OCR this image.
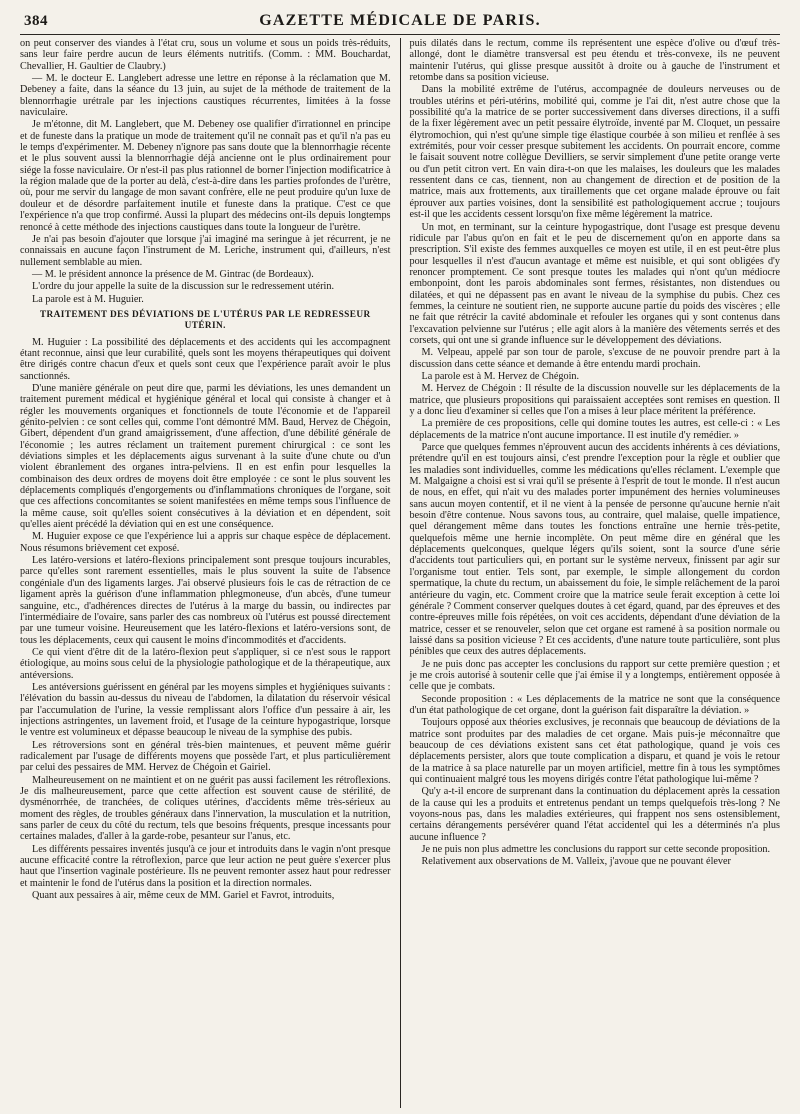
384	GAZETTE MÉDICALE DE PARIS.

on peut conserver des viandes à l'état cru, sous un volume et sous un poids très-réduits, sans leur faire perdre aucun de leurs éléments nutritifs. (Comm. : MM. Bouchardat, Chevallier, H. Gaultier de Claubry.)

— M. le docteur E. Langlebert adresse une lettre en réponse à la réclamation que M. Debeney a faite, dans la séance du 13 juin, au sujet de la méthode de traitement de la blennorrhagie urétrale par les injections caustiques récurrentes, limitées à la fosse naviculaire.

Je m'étonne, dit M. Langlebert, que M. Debeney ose qualifier d'irrationnel en principe et de funeste dans la pratique un mode de traitement qu'il ne connaît pas et qu'il n'a pas eu le temps d'expérimenter. M. Debeney n'ignore pas sans doute que la blennorrhagie récente et le plus souvent aussi la blennorrhagie déjà ancienne ont le plus ordinairement pour siége la fosse naviculaire. Or n'est-il pas plus rationnel de borner l'injection modificatrice à la région malade que de la porter au delà, c'est-à-dire dans les parties profondes de l'urètre, où, pour me servir du langage de mon savant confrère, elle ne peut produire qu'un luxe de douleur et de désordre parfaitement inutile et funeste dans la pratique. C'est ce que l'expérience n'a que trop confirmé. Aussi la plupart des médecins ont-ils depuis longtemps renoncé à cette méthode des injections caustiques dans toute la longueur de l'urètre.

Je n'ai pas besoin d'ajouter que lorsque j'ai imaginé ma seringue à jet récurrent, je ne connaissais en aucune façon l'instrument de M. Leriche, instrument qui, d'ailleurs, n'est nullement semblable au mien.

— M. le président annonce la présence de M. Gintrac (de Bordeaux).

L'ordre du jour appelle la suite de la discussion sur le redressement utérin.

La parole est à M. Huguier.

TRAITEMENT DES DÉVIATIONS DE L'UTÉRUS PAR LE REDRESSEUR UTÉRIN.

M. Huguier : La possibilité des déplacements et des accidents qui les accompagnent étant reconnue, ainsi que leur curabilité, quels sont les moyens thérapeutiques qui doivent être dirigés contre chacun d'eux et quels sont ceux que l'expérience paraît avoir le plus sanctionnés.

D'une manière générale on peut dire que, parmi les déviations, les unes demandent un traitement purement médical et hygiénique général et local qui consiste à changer et à régler les mouvements organiques et fonctionnels de toute l'économie et de l'appareil génito-pelvien : ce sont celles qui, comme l'ont démontré MM. Baud, Hervez de Chégoin, Gibert, dépendent d'un grand amaigrissement, d'une affection, d'une débilité générale de l'économie ; les autres réclament un traitement purement chirurgical : ce sont les déviations simples et les déplacements aigus survenant à la suite d'une chute ou d'un violent ébranlement des organes intra-pelviens. Il en est enfin pour lesquelles la combinaison des deux ordres de moyens doit être employée : ce sont le plus souvent les déplacements compliqués d'engorgements ou d'inflammations chroniques de l'organe, soit que ces affections concomitantes se soient manifestées en même temps sous l'influence de la même cause, soit qu'elles soient consécutives à la déviation et en dépendent, soit qu'elles aient précédé la déviation qui en est une conséquence.

M. Huguier expose ce que l'expérience lui a appris sur chaque espèce de déplacement. Nous résumons brièvement cet exposé.

Les latéro-versions et latéro-flexions principalement sont presque toujours incurables, parce qu'elles sont rarement essentielles, mais le plus souvent la suite de l'absence congéniale d'un des ligaments larges. J'ai observé plusieurs fois le cas de rétraction de ce ligament après la guérison d'une inflammation phlegmoneuse, d'un abcès, d'une tumeur sanguine, etc., d'adhérences directes de l'utérus à la marge du bassin, ou indirectes par l'intermédiaire de l'ovaire, sans parler des cas nombreux où l'utérus est poussé directement par une tumeur voisine. Heureusement que les latéro-flexions et latéro-versions sont, de tous les déplacements, ceux qui causent le moins d'incommodités et d'accidents.

Ce qui vient d'être dit de la latéro-flexion peut s'appliquer, si ce n'est sous le rapport étiologique, au moins sous celui de la physiologie pathologique et de la thérapeutique, aux antéversions.

Les antéversions guérissent en général par les moyens simples et hygiéniques suivants : l'élévation du bassin au-dessus du niveau de l'abdomen, la dilatation du réservoir vésical par l'accumulation de l'urine, la vessie remplissant alors l'office d'un pessaire à air, les injections astringentes, un lavement froid, et l'usage de la ceinture hypogastrique, lorsque le ventre est volumineux et dépasse beaucoup le niveau de la symphise des pubis.

Les rétroversions sont en général très-bien maintenues, et peuvent même guérir radicalement par l'usage de différents moyens que possède l'art, et plus particulièrement par celui des pessaires de MM. Hervez de Chégoin et Gairiel.

Malheureusement on ne maintient et on ne guérit pas aussi facilement les rétroflexions. Je dis malheureusement, parce que cette affection est souvent cause de stérilité, de dysménorrhée, de tranchées, de coliques utérines, d'accidents même très-sérieux au moment des règles, de troubles généraux dans l'innervation, la musculation et la nutrition, sans parler de ceux du côté du rectum, tels que besoins fréquents, presque incessants pour certaines malades, d'aller à la garde-robe, pesanteur sur l'anus, etc.

Les différents pessaires inventés jusqu'à ce jour et introduits dans le vagin n'ont presque aucune efficacité contre la rétroflexion, parce que leur action ne peut guère s'exercer plus haut que l'insertion vaginale postérieure. Ils ne peuvent remonter assez haut pour redresser et maintenir le fond de l'utérus dans la position et la direction normales.

Quant aux pessaires à air, même ceux de MM. Gariel et Favrot, introduits,

puis dilatés dans le rectum, comme ils représentent une espèce d'olive ou d'œuf très-allongé, dont le diamètre transversal est peu étendu et très-convexe, ils ne peuvent maintenir l'utérus, qui glisse presque aussitôt à droite ou à gauche de l'instrument et retombe dans sa position vicieuse.

Dans la mobilité extrême de l'utérus, accompagnée de douleurs nerveuses ou de troubles utérins et péri-utérins, mobilité qui, comme je l'ai dit, n'est autre chose que la possibilité qu'a la matrice de se porter successivement dans diverses directions, il a suffi de la fixer légèrement avec un petit pessaire élytroïde, inventé par M. Cloquet, un pessaire élytromochion, qui n'est qu'une simple tige élastique courbée à son milieu et renflée à ses extrémités, pour voir cesser presque subitement les accidents. On pourrait encore, comme le faisait souvent notre collègue Devilliers, se servir simplement d'une petite orange verte ou d'un petit citron vert. En vain dira-t-on que les malaises, les douleurs que les malades ressentent dans ce cas, tiennent, non au changement de direction et de position de la matrice, mais aux frottements, aux tiraillements que cet organe malade éprouve ou fait éprouver aux parties voisines, dont la sensibilité est pathologiquement accrue ; toujours est-il que les accidents cessent lorsqu'on fixe même légèrement la matrice.

Un mot, en terminant, sur la ceinture hypogastrique, dont l'usage est presque devenu ridicule par l'abus qu'on en fait et le peu de discernement qu'on en apporte dans sa prescription. S'il existe des femmes auxquelles ce moyen est utile, il en est peut-être plus pour lesquelles il n'est d'aucun avantage et même est nuisible, et qui sont obligées d'y renoncer promptement. Ce sont presque toutes les malades qui n'ont qu'un médiocre embonpoint, dont les parois abdominales sont fermes, résistantes, non distendues ou dilatées, et qui ne dépassent pas en avant le niveau de la symphise du pubis. Chez ces femmes, la ceinture ne soutient rien, ne supporte aucune partie du poids des viscères ; elle ne fait que rétrécir la cavité abdominale et refouler les organes qui y sont contenus dans l'excavation pelvienne sur l'utérus ; elle agit alors à la manière des vêtements serrés et des corsets, qui ont une si grande influence sur le développement des déviations.

M. Velpeau, appelé par son tour de parole, s'excuse de ne pouvoir prendre part à la discussion dans cette séance et demande à être entendu mardi prochain.

La parole est à M. Hervez de Chégoin.

M. Hervez de Chégoin : Il résulte de la discussion nouvelle sur les déplacements de la matrice, que plusieurs propositions qui paraissaient acceptées sont remises en question. Il y a donc lieu d'examiner si celles que l'on a mises à leur place méritent la préférence.

La première de ces propositions, celle qui domine toutes les autres, est celle-ci : « Les déplacements de la matrice n'ont aucune importance. Il est inutile d'y remédier. »

Parce que quelques femmes n'éprouvent aucun des accidents inhérents à ces déviations, prétendre qu'il en est toujours ainsi, c'est prendre l'exception pour la règle et oublier que les maladies sont individuelles, comme les médications qu'elles réclament. L'exemple que M. Malgaigne a choisi est si vrai qu'il se présente à l'esprit de tout le monde. Il n'est aucun de nous, en effet, qui n'ait vu des malades porter impunément des hernies volumineuses sans aucun moyen contentif, et il ne vient à la pensée de personne qu'aucune hernie n'ait besoin d'être contenue. Nous savons tous, au contraire, quel malaise, quelle impatience, quel dérangement même dans toutes les fonctions entraîne une hernie très-petite, quelquefois même une hernie incomplète. On peut même dire en général que les déplacements quelconques, quelque légers qu'ils soient, sont la source d'une série d'accidents tout particuliers qui, en portant sur le système nerveux, finissent par agir sur l'organisme tout entier. Tels sont, par exemple, le simple allongement du cordon spermatique, la chute du rectum, un abaissement du foie, le simple relâchement de la paroi antérieure du vagin, etc. Comment croire que la matrice seule ferait exception à cette loi générale ? Comment conserver quelques doutes à cet égard, quand, par des épreuves et des contre-épreuves mille fois répétées, on voit ces accidents, dépendant d'une déviation de la matrice, cesser et se renouveler, selon que cet organe est ramené à sa position normale ou laissé dans sa position vicieuse ? Et ces accidents, d'une nature toute particulière, sont plus pénibles que ceux des autres déplacements.

Je ne puis donc pas accepter les conclusions du rapport sur cette première question ; et je me crois autorisé à soutenir celle que j'ai émise il y a longtemps, entièrement opposée à celle que je combats.

Seconde proposition : « Les déplacements de la matrice ne sont que la conséquence d'un état pathologique de cet organe, dont la guérison fait disparaître la déviation. »

Toujours opposé aux théories exclusives, je reconnais que beaucoup de déviations de la matrice sont produites par des maladies de cet organe. Mais puis-je méconnaître que beaucoup de ces déviations existent sans cet état pathologique, quand je vois ces déplacements persister, alors que toute complication a disparu, et quand je vois le retour de la matrice à sa place naturelle par un moyen artificiel, mettre fin à tous les symptômes qui continuaient malgré tous les moyens dirigés contre l'état pathologique lui-même ?

Qu'y a-t-il encore de surprenant dans la continuation du déplacement après la cessation de la cause qui les a produits et entretenus pendant un temps quelquefois très-long ? Ne voyons-nous pas, dans les maladies extérieures, qui frappent nos sens ostensiblement, certains dérangements persévérer quand l'état accidentel qui les a déterminés n'a plus aucune influence ?

Je ne puis non plus admettre les conclusions du rapport sur cette seconde proposition.

Relativement aux observations de M. Valleix, j'avoue que ne pouvant élever
